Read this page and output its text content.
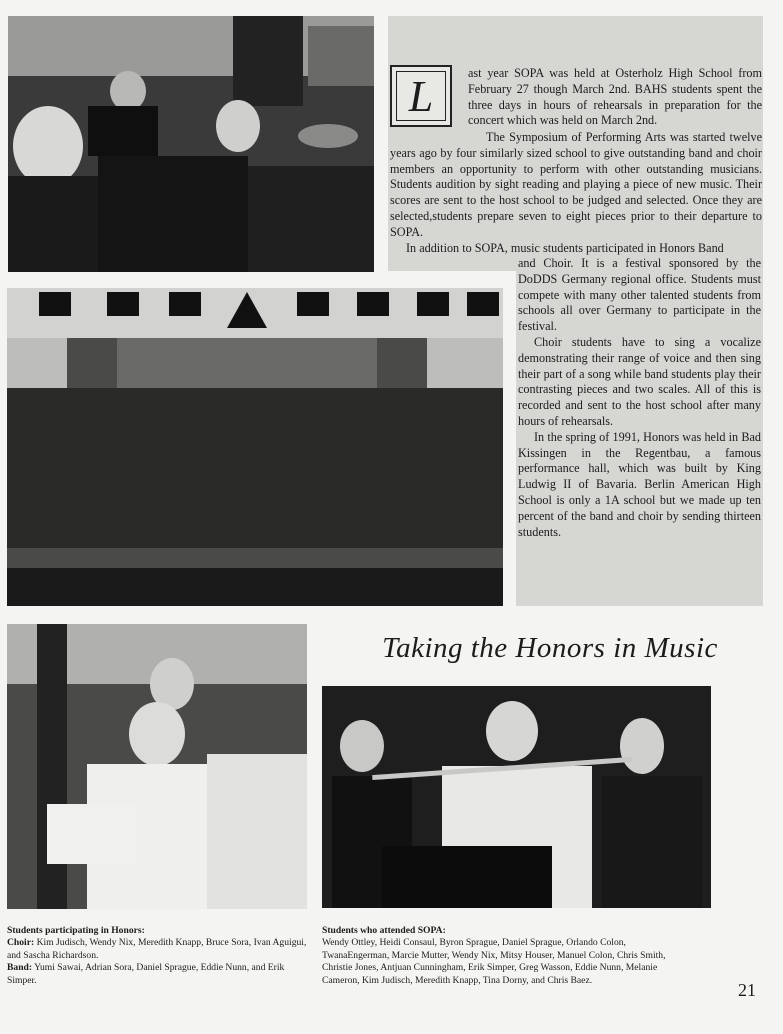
L	ast year SOPA was held at Osterholz High School from February 27 though March 2nd. BAHS students spent the three days in hours of rehearsals in preparation for the concert which was held on March 2nd.

The Symposium of Performing Arts was started twelve years ago by four similarly sized school to give outstanding band and choir members an opportunity to perform with other outstanding musicians. Students audition by sight reading and playing a piece of new music. Their scores are sent to the host school to be judged and selected. Once they are selected,students prepare seven to eight pieces prior to their departure to SOPA.

In addition to SOPA, music students participated in Honors Band

and Choir. It is a festival sponsored by the DoDDS Germany regional office. Students must compete with many other talented students from schools all over Germany to participate in the festival.

Choir students have to sing a vocalize demonstrating their range of voice and then sing their part of a song while band students play their contrasting pieces and two scales. All of this is recorded and sent to the host school after many hours of rehearsals.

In the spring of 1991, Honors was held in Bad Kissingen in the Regentbau, a famous performance hall, which was built by King Ludwig II of Bavaria. Berlin American High School is only a 1A school but we made up ten percent of the band and choir by sending thirteen students.

Taking the Honors in Music
Students participating in Honors:
Choir: Kim Judisch, Wendy Nix, Meredith Knapp, Bruce Sora, Ivan Aguigui, and Sascha Richardson.
Band: Yumi Sawai, Adrian Sora, Daniel Sprague, Eddie Nunn, and Erik Simper.
Students who attended SOPA:
Wendy Ottley, Heidi Consaul, Byron Sprague, Daniel Sprague, Orlando Colon, TwanaEngerman, Marcie Mutter, Wendy Nix, Mitsy Houser, Manuel Colon, Chris Smith, Christie Jones, Antjuan Cunningham, Erik Simper, Greg Wasson, Eddie Nunn, Melanie Cameron, Kim Judisch, Meredith Knapp, Tina Dorny, and Chris Baez.	21
